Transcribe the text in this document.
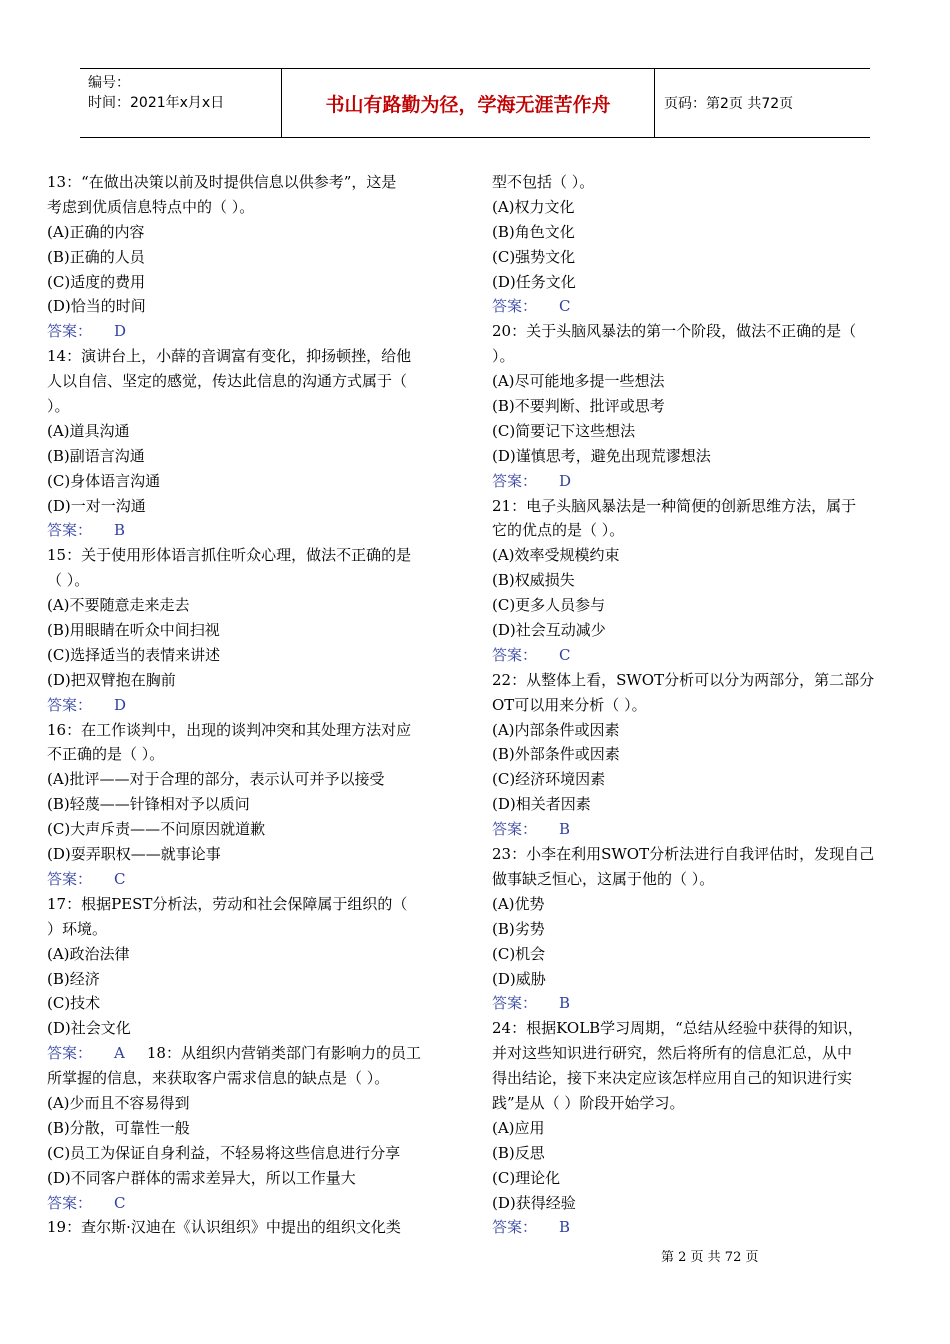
编号：
时间：2021年x月x日	书山有路勤为径，学海无涯苦作舟	页码：第2页 共72页
13：“在做出决策以前及时提供信息以供参考”，这是
考虑到优质信息特点中的（ ）。
(A)正确的内容
(B)正确的人员
(C)适度的费用
(D)恰当的时间
答案： D
14：演讲台上，小薛的音调富有变化，抑扬顿挫，给他
人以自信、坚定的感觉，传达此信息的沟通方式属于（
）。
(A)道具沟通
(B)副语言沟通
(C)身体语言沟通
(D)一对一沟通
答案： B
15：关于使用形体语言抓住听众心理，做法不正确的是
（ ）。
(A)不要随意走来走去
(B)用眼睛在听众中间扫视
(C)选择适当的表情来讲述
(D)把双臂抱在胸前
答案： D
16：在工作谈判中，出现的谈判冲突和其处理方法对应
不正确的是（ ）。
(A)批评——对于合理的部分，表示认可并予以接受
(B)轻蔑——针锋相对予以质问
(C)大声斥责——不问原因就道歉
(D)耍弄职权——就事论事
答案： C
17：根据PEST分析法，劳动和社会保障属于组织的（
）环境。
(A)政治法律
(B)经济
(C)技术
(D)社会文化
答案： A 18：从组织内营销类部门有影响力的员工
所掌握的信息，来获取客户需求信息的缺点是（ ）。
(A)少而且不容易得到
(B)分散，可靠性一般
(C)员工为保证自身利益，不轻易将这些信息进行分享
(D)不同客户群体的需求差异大，所以工作量大
答案： C
19：查尔斯·汉迪在《认识组织》中提出的组织文化类
型不包括（ ）。
(A)权力文化
(B)角色文化
(C)强势文化
(D)任务文化
答案： C
20：关于头脑风暴法的第一个阶段，做法不正确的是（
）。
(A)尽可能地多提一些想法
(B)不要判断、批评或思考
(C)简要记下这些想法
(D)谨慎思考，避免出现荒谬想法
答案： D
21：电子头脑风暴法是一种简便的创新思维方法，属于
它的优点的是（ ）。
(A)效率受规模约束
(B)权威损失
(C)更多人员参与
(D)社会互动减少
答案： C
22：从整体上看，SWOT分析可以分为两部分，第二部分
OT可以用来分析（ ）。
(A)内部条件或因素
(B)外部条件或因素
(C)经济环境因素
(D)相关者因素
答案： B
23：小李在利用SWOT分析法进行自我评估时，发现自己
做事缺乏恒心，这属于他的（ ）。
(A)优势
(B)劣势
(C)机会
(D)威胁
答案： B
24：根据KOLB学习周期，“总结从经验中获得的知识，
并对这些知识进行研究，然后将所有的信息汇总，从中
得出结论，接下来决定应该怎样应用自己的知识进行实
践”是从（ ）阶段开始学习。
(A)应用
(B)反思
(C)理论化
(D)获得经验
答案： B
第 2 页 共 72 页
